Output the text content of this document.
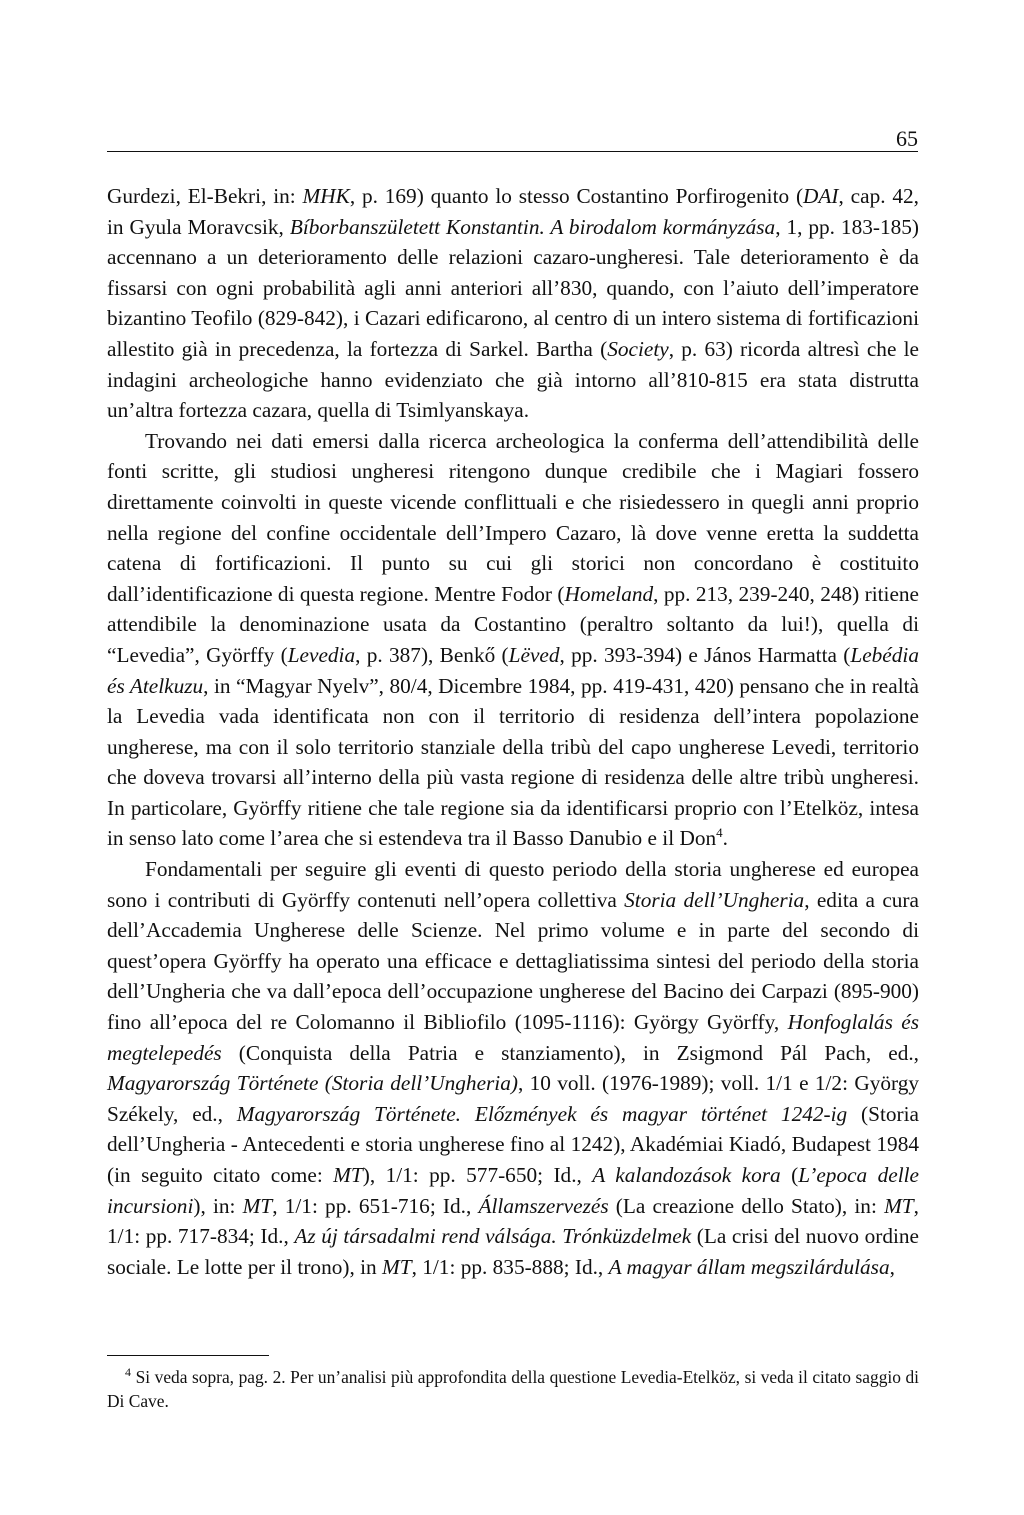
65

Gurdezi, El-Bekri, in: MHK, p. 169) quanto lo stesso Costantino Porfirogenito (DAI, cap. 42, in Gyula Moravcsik, Bíborbanszületett Konstantin. A birodalom kormányzása, 1, pp. 183-185) accennano a un deterioramento delle relazioni cazaro-ungheresi. Tale deterioramento è da fissarsi con ogni probabilità agli anni anteriori all’830, quando, con l’aiuto dell’imperatore bizantino Teofilo (829-842), i Cazari edificarono, al centro di un intero sistema di fortificazioni allestito già in precedenza, la fortezza di Sarkel. Bartha (Society, p. 63) ricorda altresì che le indagini archeologiche hanno evidenziato che già intorno all’810-815 era stata distrutta un’altra fortezza cazara, quella di Tsimlyanskaya.

Trovando nei dati emersi dalla ricerca archeologica la conferma dell’attendibilità delle fonti scritte, gli studiosi ungheresi ritengono dunque credibile che i Magiari fossero direttamente coinvolti in queste vicende conflittuali e che risiedessero in quegli anni proprio nella regione del confine occidentale dell’Impero Cazaro, là dove venne eretta la suddetta catena di fortificazioni. Il punto su cui gli storici non concordano è costituito dall’identificazione di questa regione. Mentre Fodor (Homeland, pp. 213, 239-240, 248) ritiene attendibile la denominazione usata da Costantino (peraltro soltanto da lui!), quella di “Levedia”, Györffy (Levedia, p. 387), Benkő (Lëved, pp. 393-394) e János Harmatta (Lebédia és Atelkuzu, in “Magyar Nyelv”, 80/4, Dicembre 1984, pp. 419-431, 420) pensano che in realtà la Levedia vada identificata non con il territorio di residenza dell’intera popolazione ungherese, ma con il solo territorio stanziale della tribù del capo ungherese Levedi, territorio che doveva trovarsi all’interno della più vasta regione di residenza delle altre tribù ungheresi. In particolare, Györffy ritiene che tale regione sia da identificarsi proprio con l’Etelköz, intesa in senso lato come l’area che si estendeva tra il Basso Danubio e il Don$^4$.

Fondamentali per seguire gli eventi di questo periodo della storia ungherese ed europea sono i contributi di Györffy contenuti nell’opera collettiva Storia dell’Ungheria, edita a cura dell’Accademia Ungherese delle Scienze. Nel primo volume e in parte del secondo di quest’opera Györffy ha operato una efficace e dettagliatissima sintesi del periodo della storia dell’Ungheria che va dall’epoca dell’occupazione ungherese del Bacino dei Carpazi (895-900) fino all’epoca del re Colomanno il Bibliofilo (1095-1116): György Györffy, Honfoglalás és megtelepedés (Conquista della Patria e stanziamento), in Zsigmond Pál Pach, ed., Magyarország Története (Storia dell’Ungheria), 10 voll. (1976-1989); voll. 1/1 e 1/2: György Székely, ed., Magyarország Története. Előzmények és magyar történet 1242-ig (Storia dell’Ungheria - Antecedenti e storia ungherese fino al 1242), Akadémiai Kiadó, Budapest 1984 (in seguito citato come: MT), 1/1: pp. 577-650; Id., A kalandozások kora (L’epoca delle incursioni), in: MT, 1/1: pp. 651-716; Id., Államszervezés (La creazione dello Stato), in: MT, 1/1: pp. 717-834; Id., Az új társadalmi rend válsága. Trónküzdelmek (La crisi del nuovo ordine sociale. Le lotte per il trono), in MT, 1/1: pp. 835-888; Id., A magyar állam megszilárdulása,

$^4$ Si veda sopra, pag. 2. Per un’analisi più approfondita della questione Levedia-Etelköz, si veda il citato saggio di Di Cave.
